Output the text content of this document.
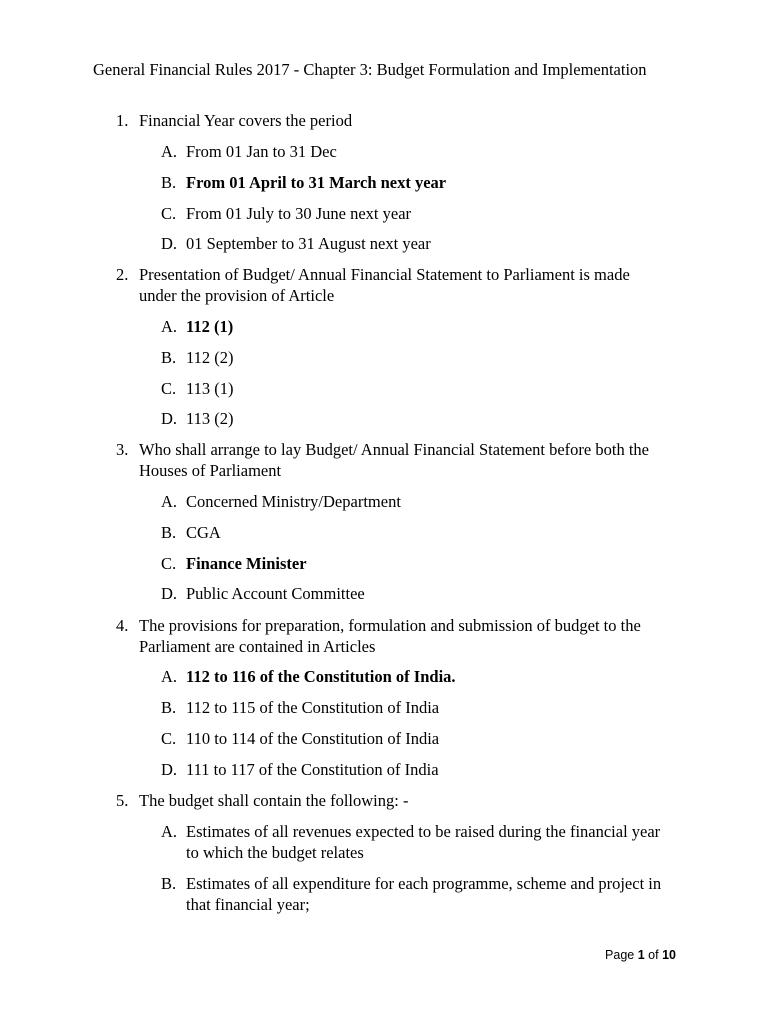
General Financial Rules 2017 - Chapter 3: Budget Formulation and Implementation
1. Financial Year covers the period
A. From 01 Jan to 31 Dec
B. From 01 April to 31 March next year
C. From 01 July to 30 June next year
D. 01 September to 31 August next year
2. Presentation of Budget/ Annual Financial Statement to Parliament is made under the provision of Article
A. 112 (1)
B. 112 (2)
C. 113 (1)
D. 113 (2)
3. Who shall arrange to lay Budget/ Annual Financial Statement before both the Houses of Parliament
A. Concerned Ministry/Department
B. CGA
C. Finance Minister
D. Public Account Committee
4. The provisions for preparation, formulation and submission of budget to the Parliament are contained in Articles
A. 112 to 116 of the Constitution of India.
B. 112 to 115 of the Constitution of India
C. 110 to 114 of the Constitution of India
D. 111 to 117 of the Constitution of India
5. The budget shall contain the following: -
A. Estimates of all revenues expected to be raised during the financial year to which the budget relates
B. Estimates of all expenditure for each programme, scheme and project in that financial year;
Page 1 of 10
